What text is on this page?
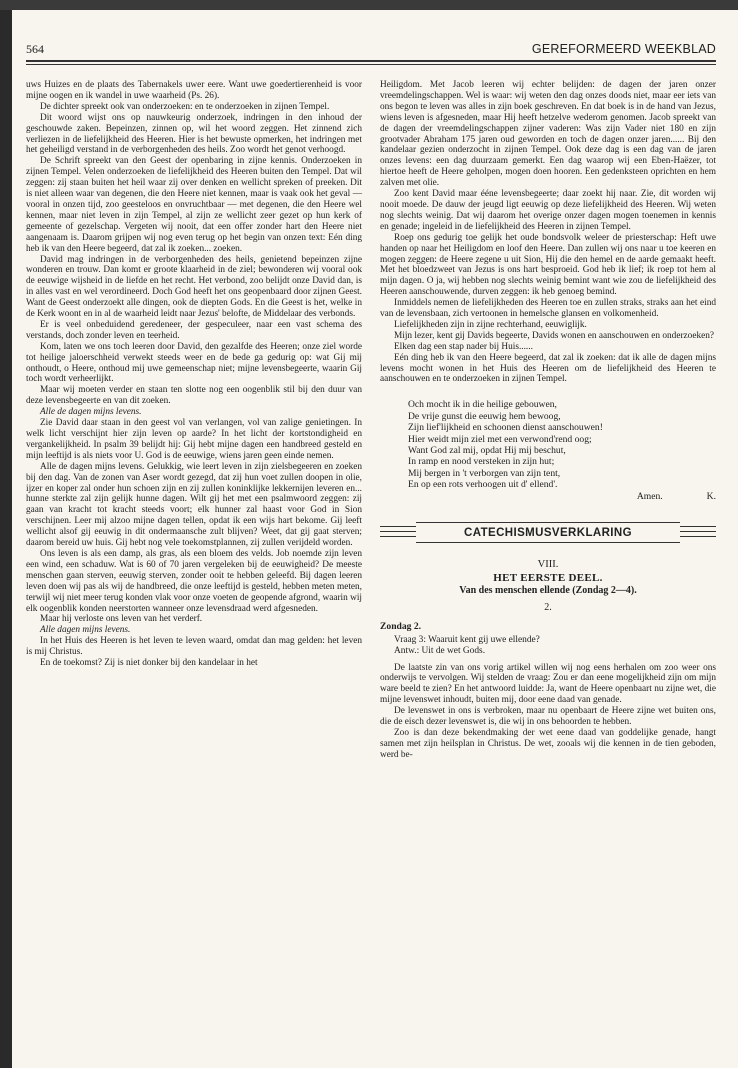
564	GEREFORMEERD WEEKBLAD

uws Huizes en de plaats des Tabernakels uwer eere. Want uwe goedertierenheid is voor mijne oogen en ik wandel in uwe waarheid (Ps. 26).

De dichter spreekt ook van onderzoeken: en te onderzoeken in zijnen Tempel.

Dit woord wijst ons op nauwkeurig onderzoek, indringen in den inhoud der geschouwde zaken. Bepeinzen, zinnen op, wil het woord zeggen. Het zinnend zich verliezen in de liefelijkheid des Heeren. Hier is het bewuste opmerken, het indringen met het geheiligd verstand in de verborgenheden des heils. Zoo wordt het genot verhoogd.

De Schrift spreekt van den Geest der openbaring in zijne kennis. Onderzoeken in zijnen Tempel. Velen onderzoeken de liefelijkheid des Heeren buiten den Tempel. Dat wil zeggen: zij staan buiten het heil waar zij over denken en wellicht spreken of preeken. Dit is niet alleen waar van degenen, die den Heere niet kennen, maar is vaak ook het geval — vooral in onzen tijd, zoo geesteloos en onvruchtbaar — met degenen, die den Heere wel kennen, maar niet leven in zijn Tempel, al zijn ze wellicht zeer gezet op hun kerk of gemeente of gezelschap. Vergeten wij nooit, dat een offer zonder hart den Heere niet aangenaam is. Daarom grijpen wij nog even terug op het begin van onzen text: Eén ding heb ik van den Heere begeerd, dat zal ik zoeken... zoeken.

David mag indringen in de verborgenheden des heils, genietend bepeinzen zijne wonderen en trouw. Dan komt er groote klaarheid in de ziel; bewonderen wij vooral ook de eeuwige wijsheid in de liefde en het recht. Het verbond, zoo belijdt onze David dan, is in alles vast en wel verordineerd. Doch God heeft het ons geopenbaard door zijnen Geest. Want de Geest onderzoekt alle dingen, ook de diepten Gods. En die Geest is het, welke in de Kerk woont en in al de waarheid leidt naar Jezus' belofte, de Middelaar des verbonds.

Er is veel onbeduidend geredeneer, der gespeculeer, naar een vast schema des verstands, doch zonder leven en teerheid.

Kom, laten we ons toch leeren door David, den gezalfde des Heeren; onze ziel worde tot heilige jaloerschheid verwekt steeds weer en de bede ga gedurig op: wat Gij mij onthoudt, o Heere, onthoud mij uwe gemeenschap niet; mijne levensbegeerte, waarin Gij toch wordt verheerlijkt.

Maar wij moeten verder en staan ten slotte nog een oogenblik stil bij den duur van deze levensbegeerte en van dit zoeken.

Alle de dagen mijns levens.

Zie David daar staan in den geest vol van verlangen, vol van zalige genietingen. In welk licht verschijnt hier zijn leven op aarde? In het licht der kortstondigheid en vergankelijkheid. In psalm 39 belijdt hij: Gij hebt mijne dagen een handbreed gesteld en mijn leeftijd is als niets voor U. God is de eeuwige, wiens jaren geen einde nemen.

Alle de dagen mijns levens. Gelukkig, wie leert leven in zijn zielsbegeeren en zoeken bij den dag. Van de zonen van Aser wordt gezegd, dat zij hun voet zullen doopen in olie, ijzer en koper zal onder hun schoen zijn en zij zullen koninklijke lekkernijen leveren en... hunne sterkte zal zijn gelijk hunne dagen. Wilt gij het met een psalmwoord zeggen: zij gaan van kracht tot kracht steeds voort; elk hunner zal haast voor God in Sion verschijnen. Leer mij alzoo mijne dagen tellen, opdat ik een wijs hart bekome. Gij leeft wellicht alsof gij eeuwig in dit ondermaansche zult blijven? Weet, dat gij gaat sterven; daarom bereid uw huis. Gij hebt nog vele toekomstplannen, zij zullen verijdeld worden.

Ons leven is als een damp, als gras, als een bloem des velds. Job noemde zijn leven een wind, een schaduw. Wat is 60 of 70 jaren vergeleken bij de eeuwigheid? De meeste menschen gaan sterven, eeuwig sterven, zonder ooit te hebben geleefd. Bij dagen leeren leven doen wij pas als wij de handbreed, die onze leeftijd is gesteld, hebben meten meten, terwijl wij niet meer terug konden vlak voor onze voeten de geopende afgrond, waarin wij elk oogenblik konden neerstorten wanneer onze levensdraad werd afgesneden.

Maar hij verloste ons leven van het verderf.

Alle dagen mijns levens.

In het Huis des Heeren is het leven te leven waard, omdat dan mag gelden: het leven is mij Christus.

En de toekomst? Zij is niet donker bij den kandelaar in het

Heiligdom. Met Jacob leeren wij echter belijden: de dagen der jaren onzer vreemdelingschappen. Wel is waar: wij weten den dag onzes doods niet, maar eer iets van ons begon te leven was alles in zijn boek geschreven. En dat boek is in de hand van Jezus, wiens leven is afgesneden, maar Hij heeft hetzelve wederom genomen. Jacob spreekt van de dagen der vreemdelingschappen zijner vaderen: Was zijn Vader niet 180 en zijn grootvader Abraham 175 jaren oud geworden en toch de dagen onzer jaren...... Bij den kandelaar gezien onderzocht in zijnen Tempel. Ook deze dag is een dag van de jaren onzes levens: een dag duurzaam gemerkt. Een dag waarop wij een Eben-Haëzer, tot hiertoe heeft de Heere geholpen, mogen doen hooren. Een gedenksteen oprichten en hem zalven met olie.

Zoo kent David maar ééne levensbegeerte; daar zoekt hij naar. Zie, dit worden wij nooit moede. De dauw der jeugd ligt eeuwig op deze liefelijkheid des Heeren. Wij weten nog slechts weinig. Dat wij daarom het overige onzer dagen mogen toenemen in kennis en genade; ingeleid in de liefelijkheid des Heeren in zijnen Tempel.

Roep ons gedurig toe gelijk het oude bondsvolk weleer de priesterschap: Heft uwe handen op naar het Heiligdom en loof den Heere. Dan zullen wij ons naar u toe keeren en mogen zeggen: de Heere zegene u uit Sion, Hij die den hemel en de aarde gemaakt heeft. Met het bloedzweet van Jezus is ons hart besproeid. God heb ik lief; ik roep tot hem al mijn dagen. O ja, wij hebben nog slechts weinig bemint want wie zou de liefelijkheid des Heeren aanschouwende, durven zeggen: ik heb genoeg bemind.

Inmiddels nemen de liefelijkheden des Heeren toe en zullen straks, straks aan het eind van de levensbaan, zich vertoonen in hemelsche glansen en volkomenheid.

Liefelijkheden zijn in zijne rechterhand, eeuwiglijk.

Mijn lezer, kent gij Davids begeerte, Davids wonen en aanschouwen en onderzoeken?

Elken dag een stap nader bij Huis......

Eén ding heb ik van den Heere begeerd, dat zal ik zoeken: dat ik alle de dagen mijns levens mocht wonen in het Huis des Heeren om de liefelijkheid des Heeren te aanschouwen en te onderzoeken in zijnen Tempel.

Och mocht ik in die heilige gebouwen,
De vrije gunst die eeuwig hem bewoog,
Zijn lief'lijkheid en schoonen dienst aanschouwen!
Hier weidt mijn ziel met een verwond'rend oog;
Want God zal mij, opdat Hij mij beschut,
In ramp en nood versteken in zijn hut;
Mij bergen in 't verborgen van zijn tent,
En op een rots verhoogen uit d' ellend'.
Amen.	K.
CATECHISMUSVERKLARING
VIII.
HET EERSTE DEEL.
Van des menschen ellende (Zondag 2—4).
2.
Zondag 2.
Vraag 3: Waaruit kent gij uwe ellende?
Antw.: Uit de wet Gods.

De laatste zin van ons vorig artikel willen wij nog eens herhalen om zoo weer ons onderwijs te vervolgen. Wij stelden de vraag: Zou er dan eene mogelijkheid zijn om mijn ware beeld te zien? En het antwoord luidde: Ja, want de Heere openbaart nu zijne wet, die mijne levenswet inhoudt, buiten mij, door eene daad van genade.

De levenswet in ons is verbroken, maar nu openbaart de Heere zijne wet buiten ons, die de eisch dezer levenswet is, die wij in ons behoorden te hebben.

Zoo is dan deze bekendmaking der wet eene daad van goddelijke genade, hangt samen met zijn heilsplan in Christus. De wet, zooals wij die kennen in de tien geboden, werd be-
